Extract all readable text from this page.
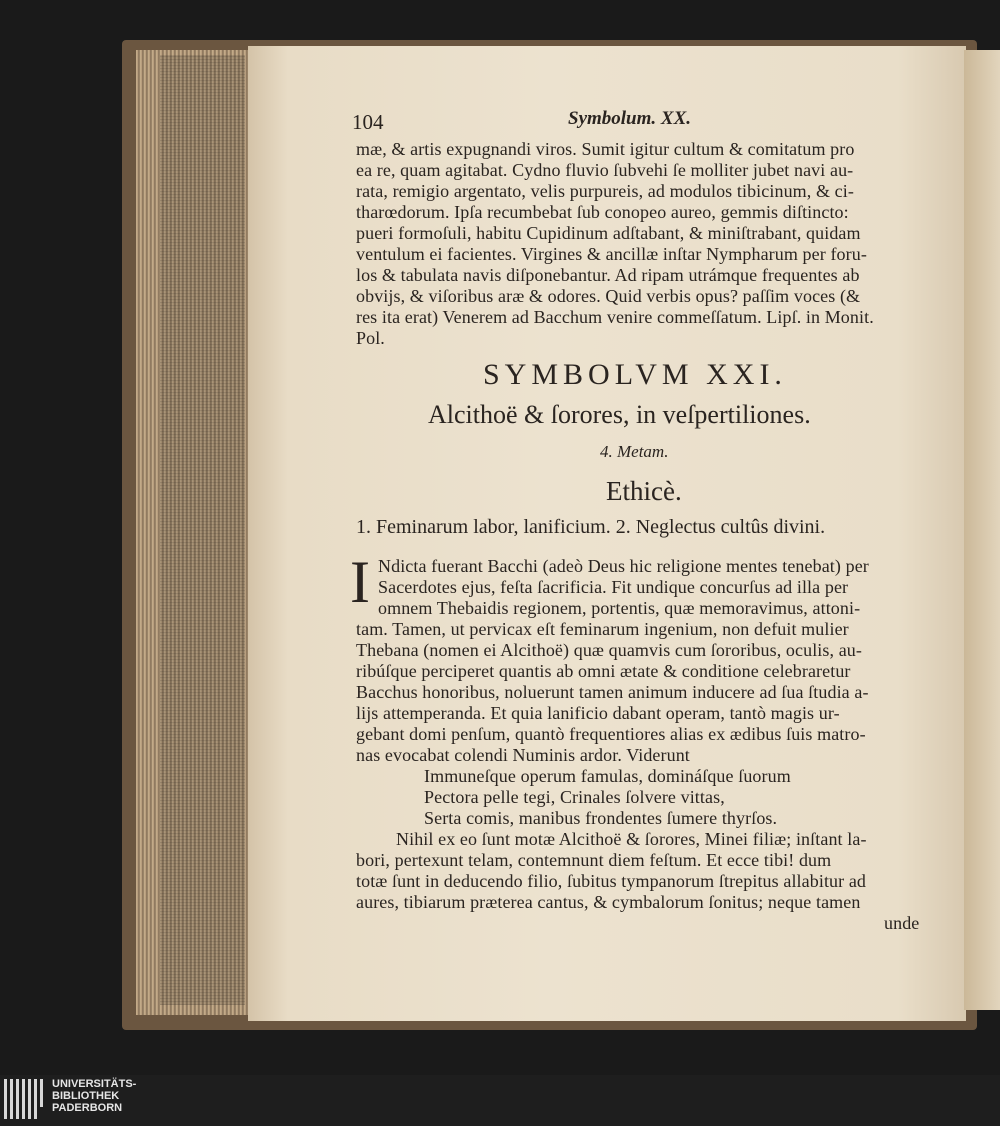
104	Symbolum. XX.
mæ, & artis expugnandi viros. Sumit igitur cultum & comitatum pro
ea re, quam agitabat. Cydno fluvio ſubvehi ſe molliter jubet navi au-
rata, remigio argentato, velis purpureis, ad modulos tibicinum, & ci-
tharœdorum. Ipſa recumbebat ſub conopeo aureo, gemmis diſtinctо:
pueri formoſuli, habitu Cupidinum adſtabant, & miniſtrabant, quidam
ventulum ei facientes. Virgines & ancillæ inſtar Nympharum per foru-
los & tabulata navis diſponebantur. Ad ripam utrámque frequentes ab
obvijs, & viſoribus aræ & odores. Quid verbis opus? paſſim voces (&
res ita erat) Venerem ad Bacchum venire commeſſatum. Lipſ. in Monit.
Pol.
SYMBOLVM XXI.
Alcithoë & ſorores, in veſpertiliones.
4. Metam.
Ethicè.
1. Feminarum labor, lanificium. 2. Neglectus cultûs divini.
I Ndicta fuerant Bacchi (adeò Deus hic religione mentes tenebat) per
Sacerdotes ejus, feſta ſacrificia. Fit undique concurſus ad illa per
omnem Thebaidis regionem, portentis, quæ memoravimus, attoni-
tam. Tamen, ut pervicax eſt feminarum ingenium, non defuit mulier
Thebana (nomen ei Alcithoë) quæ quamvis cum ſororibus, oculis, au-
ribúſque perciperet quantis ab omni ætate & conditione celebraretur
Bacchus honoribus, noluerunt tamen animum inducere ad ſua ſtudia a-
lijs attemperanda. Et quia lanificio dabant operam, tantò magis ur-
gebant domi penſum, quantò frequentiores alias ex ædibus ſuis matro-
nas evocabat colendi Numinis ardor. Viderunt
Immuneſque operum famulas, domináſque ſuorum
Pectora pelle tegi, Crinales ſolvere vittas,
Serta comis, manibus frondentes ſumere thyrſos.
Nihil ex eo ſunt motæ Alcithoë & ſorores, Minei filiæ; inſtant la-
bori, pertexunt telam, contemnunt diem feſtum. Et ecce tibi! dum
totæ ſunt in deducendo filio, ſubitus tympanorum ſtrepitus allabitur ad
aures, tibiarum præterea cantus, & cymbalorum ſonitus; neque tamen
unde
UNIVERSITÄTS-
BIBLIOTHEK
PADERBORN
